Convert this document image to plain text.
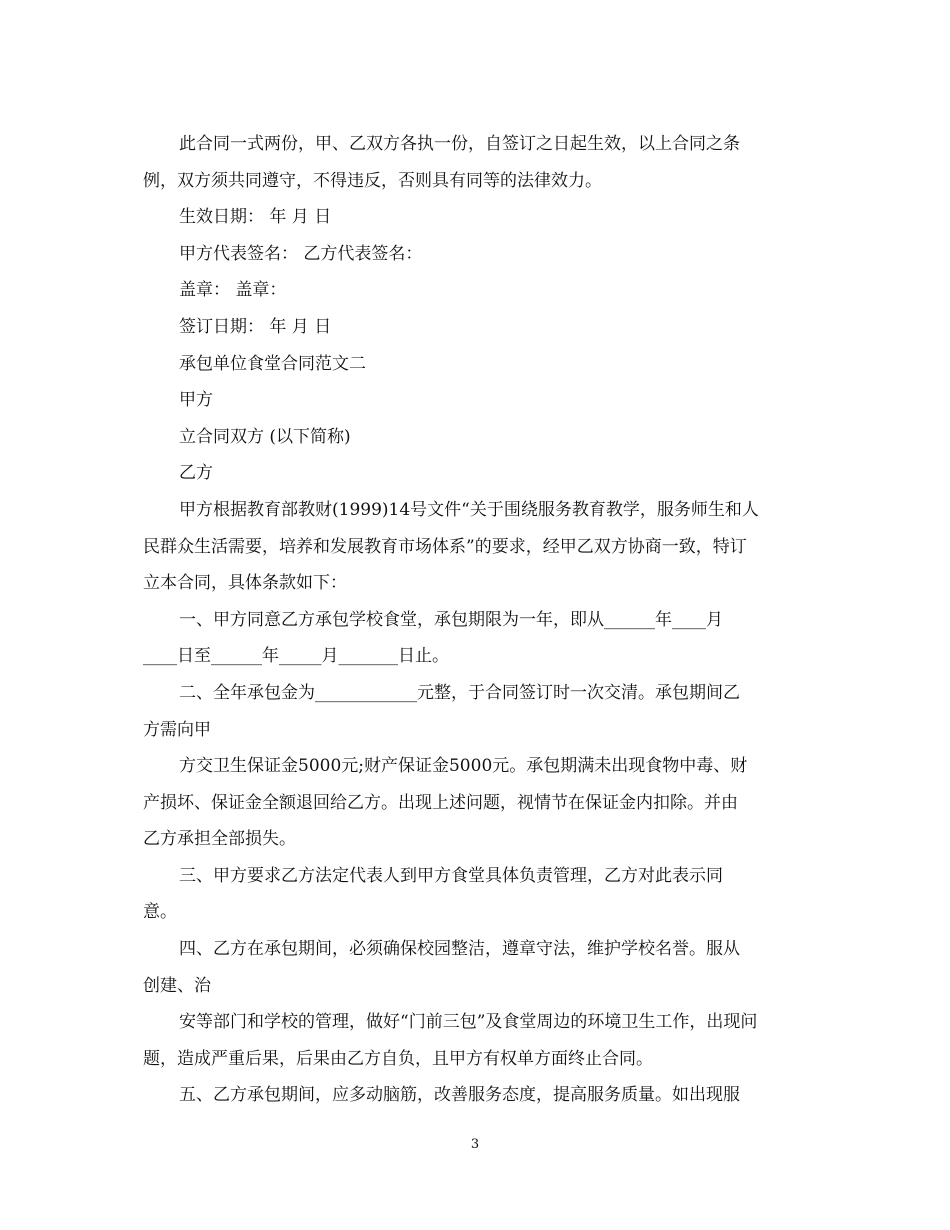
此合同一式两份，甲、乙双方各执一份，自签订之日起生效，以上合同之条
例，双方须共同遵守，不得违反，否则具有同等的法律效力。
生效日期： 年 月 日
甲方代表签名： 乙方代表签名：
盖章： 盖章：
签订日期： 年 月 日
承包单位食堂合同范文二
甲方
立合同双方 (以下简称)
乙方
甲方根据教育部教财(1999)14号文件“关于围绕服务教育教学，服务师生和人
民群众生活需要，培养和发展教育市场体系”的要求，经甲乙双方协商一致，特订
立本合同，具体条款如下：
一、甲方同意乙方承包学校食堂，承包期限为一年，即从______年____月
____日至______年_____月_______日止。
二、全年承包金为____________元整，于合同签订时一次交清。承包期间乙
方需向甲
方交卫生保证金5000元;财产保证金5000元。承包期满未出现食物中毒、财
产损坏、保证金全额退回给乙方。出现上述问题，视情节在保证金内扣除。并由
乙方承担全部损失。
三、甲方要求乙方法定代表人到甲方食堂具体负责管理，乙方对此表示同
意。
四、乙方在承包期间，必须确保校园整洁，遵章守法，维护学校名誉。服从
创建、治
安等部门和学校的管理，做好“门前三包”及食堂周边的环境卫生工作，出现问
题，造成严重后果，后果由乙方自负，且甲方有权单方面终止合同。
五、乙方承包期间，应多动脑筋，改善服务态度，提高服务质量。如出现服
3
